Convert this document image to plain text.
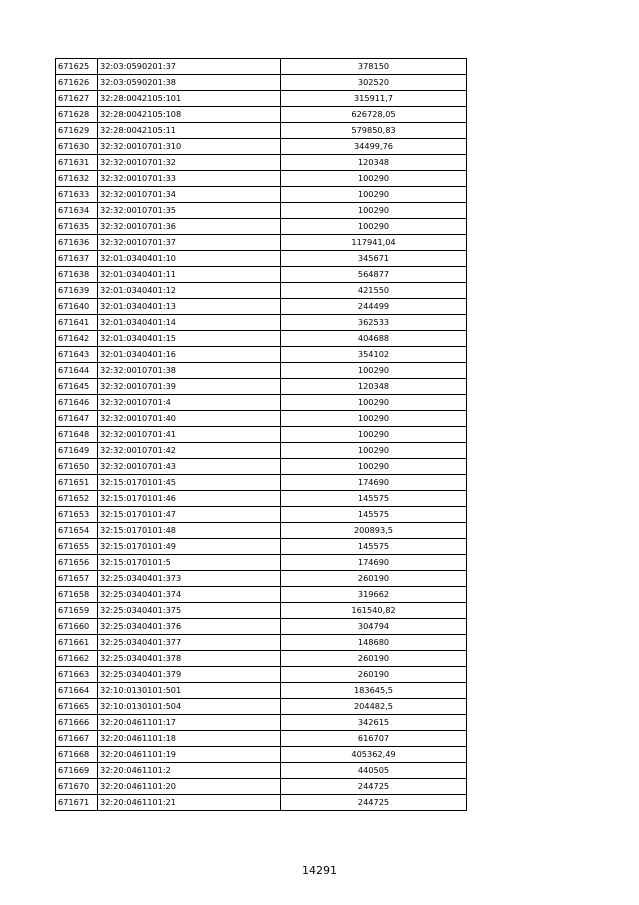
671625	32:03:0590201:37	378150
671626	32:03:0590201:38	302520
671627	32:28:0042105:101	315911,7
671628	32:28:0042105:108	626728,05
671629	32:28:0042105:11	579850,83
671630	32:32:0010701:310	34499,76
671631	32:32:0010701:32	120348
671632	32:32:0010701:33	100290
671633	32:32:0010701:34	100290
671634	32:32:0010701:35	100290
671635	32:32:0010701:36	100290
671636	32:32:0010701:37	117941,04
671637	32:01:0340401:10	345671
671638	32:01:0340401:11	564877
671639	32:01:0340401:12	421550
671640	32:01:0340401:13	244499
671641	32:01:0340401:14	362533
671642	32:01:0340401:15	404688
671643	32:01:0340401:16	354102
671644	32:32:0010701:38	100290
671645	32:32:0010701:39	120348
671646	32:32:0010701:4	100290
671647	32:32:0010701:40	100290
671648	32:32:0010701:41	100290
671649	32:32:0010701:42	100290
671650	32:32:0010701:43	100290
671651	32:15:0170101:45	174690
671652	32:15:0170101:46	145575
671653	32:15:0170101:47	145575
671654	32:15:0170101:48	200893,5
671655	32:15:0170101:49	145575
671656	32:15:0170101:5	174690
671657	32:25:0340401:373	260190
671658	32:25:0340401:374	319662
671659	32:25:0340401:375	161540,82
671660	32:25:0340401:376	304794
671661	32:25:0340401:377	148680
671662	32:25:0340401:378	260190
671663	32:25:0340401:379	260190
671664	32:10:0130101:501	183645,5
671665	32:10:0130101:504	204482,5
671666	32:20:0461101:17	342615
671667	32:20:0461101:18	616707
671668	32:20:0461101:19	405362,49
671669	32:20:0461101:2	440505
671670	32:20:0461101:20	244725
671671	32:20:0461101:21	244725
14291
